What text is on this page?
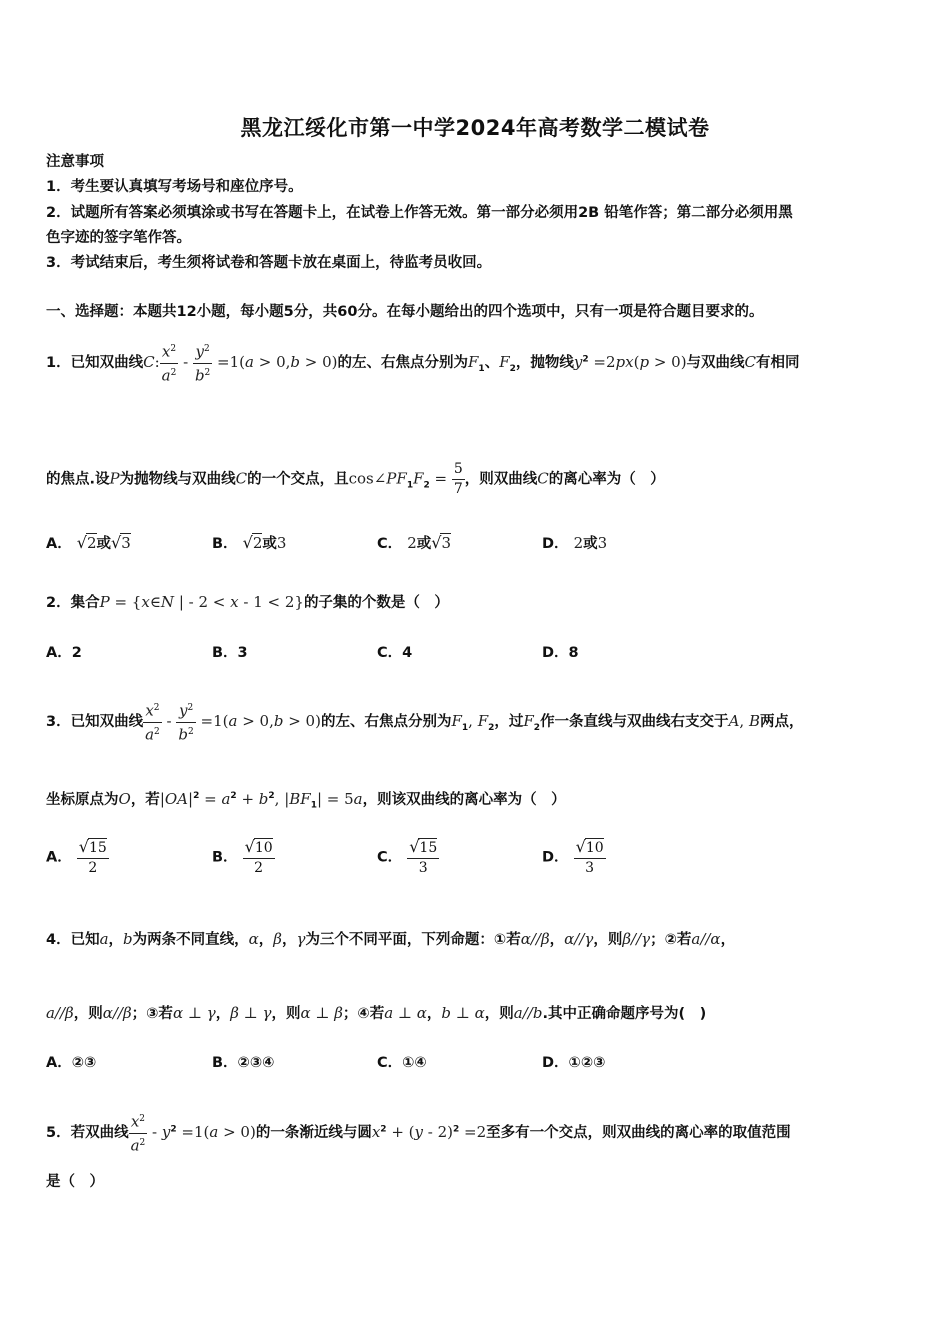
黑龙江绥化市第一中学2024年高考数学二模试卷
注意事项
1．考生要认真填写考场号和座位序号。
2．试题所有答案必须填涂或书写在答题卡上，在试卷上作答无效。第一部分必须用2B 铅笔作答；第二部分必须用黑
色字迹的签字笔作答。
3．考试结束后，考生须将试卷和答题卡放在桌面上，待监考员收回。
一、选择题：本题共12小题，每小题5分，共60分。在每小题给出的四个选项中，只有一项是符合题目要求的。
1．已知双曲线C: $\frac{x^2}{a^2} - \frac{y^2}{b^2} =1(a > 0,b > 0)$的左、右焦点分别为$F_1$、$F_2$，抛物线$y^2 =2px(p > 0)$与双曲线C有相同
的焦点.设P为抛物线与双曲线C的一个交点，且$\cos\angle PF_1F_2 = \frac{5}{7}$ ，则双曲线C的离心率为（　）
A． √2或√3	B． √2或3	C． 2或√3	D． 2或3
2．集合P = {x∈N | - 2 < x - 1 < 2}的子集的个数是（　）
A．2	B．3	C．4	D．8
3．已知双曲线 $\frac{x^2}{a^2} - \frac{y^2}{b^2} =1(a > 0,b > 0)$的左、右焦点分别为$F_1$, $F_2$，过$F_2$作一条直线与双曲线右支交于A, B两点，
坐标原点为O，若$|OA|^2 = a^2 + b^2$, $|BF_1| = 5a$，则该双曲线的离心率为（　）
A． $\frac{√15}{2}$	B． $\frac{√10}{2}$	C． $\frac{√15}{3}$	D． $\frac{√10}{3}$
4．已知a，b为两条不同直线，α，β，γ为三个不同平面，下列命题：①若α//β，α//γ，则β//γ；②若a//α，
a//β，则α//β；③若α ⊥ γ，β ⊥ γ，则α ⊥ β；④若a ⊥ α，b ⊥ α，则a//b.其中正确命题序号为(　)
A．②③	B．②③④	C．①④	D．①②③
5．若双曲线 $\frac{x^2}{a^2} - y^2 =1(a > 0)$的一条渐近线与圆$x^2 + (y - 2)^2 =2$至多有一个交点，则双曲线的离心率的取值范围
是（　）
